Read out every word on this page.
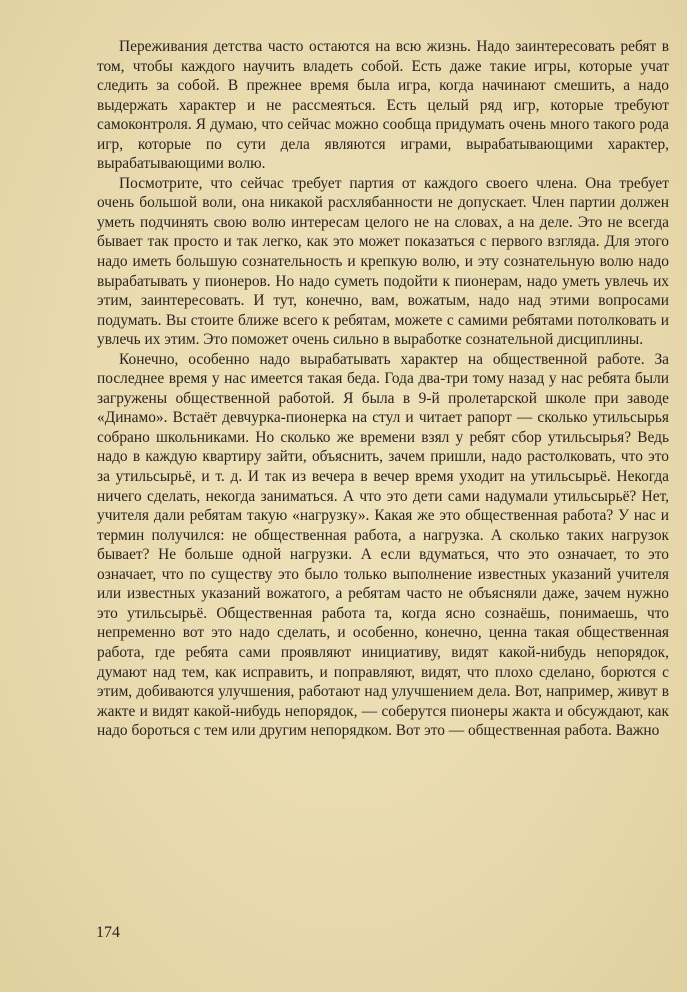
Переживания детства часто остаются на всю жизнь. Надо заинтересовать ребят в том, чтобы каждого научить владеть собой. Есть даже такие игры, которые учат следить за собой. В прежнее время была игра, когда начинают смешить, а надо выдержать характер и не рассмеяться. Есть целый ряд игр, которые требуют самоконтроля. Я думаю, что сейчас можно сообща придумать очень много такого рода игр, которые по сути дела являются играми, вырабатывающими характер, вырабатывающими волю.

Посмотрите, что сейчас требует партия от каждого своего члена. Она требует очень большой воли, она никакой расхлябанности не допускает. Член партии должен уметь подчинять свою волю интересам целого не на словах, а на деле. Это не всегда бывает так просто и так легко, как это может показаться с первого взгляда. Для этого надо иметь большую сознательность и крепкую волю, и эту сознательную волю надо вырабатывать у пионеров. Но надо суметь подойти к пионерам, надо уметь увлечь их этим, заинтересовать. И тут, конечно, вам, вожатым, надо над этими вопросами подумать. Вы стоите ближе всего к ребятам, можете с самими ребятами потолковать и увлечь их этим. Это поможет очень сильно в выработке сознательной дисциплины.

Конечно, особенно надо вырабатывать характер на общественной работе. За последнее время у нас имеется такая беда. Года два-три тому назад у нас ребята были загружены общественной работой. Я была в 9-й пролетарской школе при заводе «Динамо». Встаёт девчурка-пионерка на стул и читает рапорт — сколько утильсырья собрано школьниками. Но сколько же времени взял у ребят сбор утильсырья? Ведь надо в каждую квартиру зайти, объяснить, зачем пришли, надо растолковать, что это за утильсырьё, и т. д. И так из вечера в вечер время уходит на утильсырьё. Некогда ничего сделать, некогда заниматься. А что это дети сами надумали утильсырьё? Нет, учителя дали ребятам такую «нагрузку». Какая же это общественная работа? У нас и термин получился: не общественная работа, а нагрузка. А сколько таких нагрузок бывает? Не больше одной нагрузки. А если вдуматься, что это означает, то это означает, что по существу это было только выполнение известных указаний учителя или известных указаний вожатого, а ребятам часто не объясняли даже, зачем нужно это утильсырьё. Общественная работа та, когда ясно сознаёшь, понимаешь, что непременно вот это надо сделать, и особенно, конечно, ценна такая общественная работа, где ребята сами проявляют инициативу, видят какой-нибудь непорядок, думают над тем, как исправить, и поправляют, видят, что плохо сделано, борются с этим, добиваются улучшения, работают над улучшением дела. Вот, например, живут в жакте и видят какой-нибудь непорядок, — соберутся пионеры жакта и обсуждают, как надо бороться с тем или другим непорядком. Вот это — общественная работа. Важно

174
